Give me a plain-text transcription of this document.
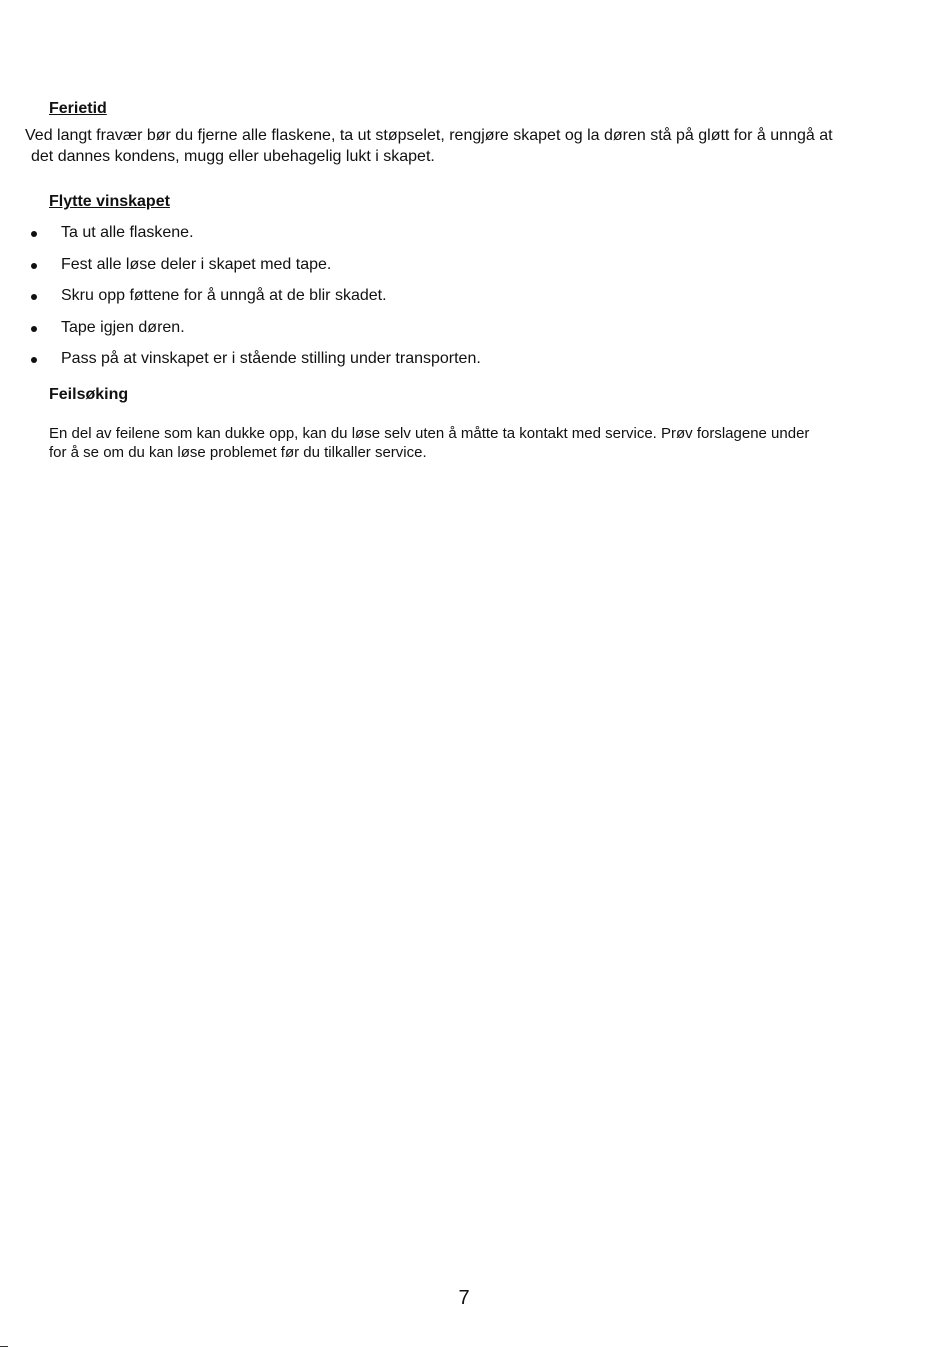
Ferietid

Ved langt fravær bør du fjerne alle flaskene, ta ut støpselet, rengjøre skapet og la døren stå på gløtt for å unngå at

det dannes kondens, mugg eller ubehagelig lukt i skapet.

Flytte vinskapet
Ta ut alle flaskene.
Fest alle løse deler i skapet med tape.
Skru opp føttene for å unngå at de blir skadet.
Tape igjen døren.
Pass på at vinskapet er i stående stilling under transporten.
Feilsøking

En del av feilene som kan dukke opp, kan du løse selv uten å måtte ta kontakt med service. Prøv forslagene under

for å se om du kan løse problemet før du tilkaller service.

7
